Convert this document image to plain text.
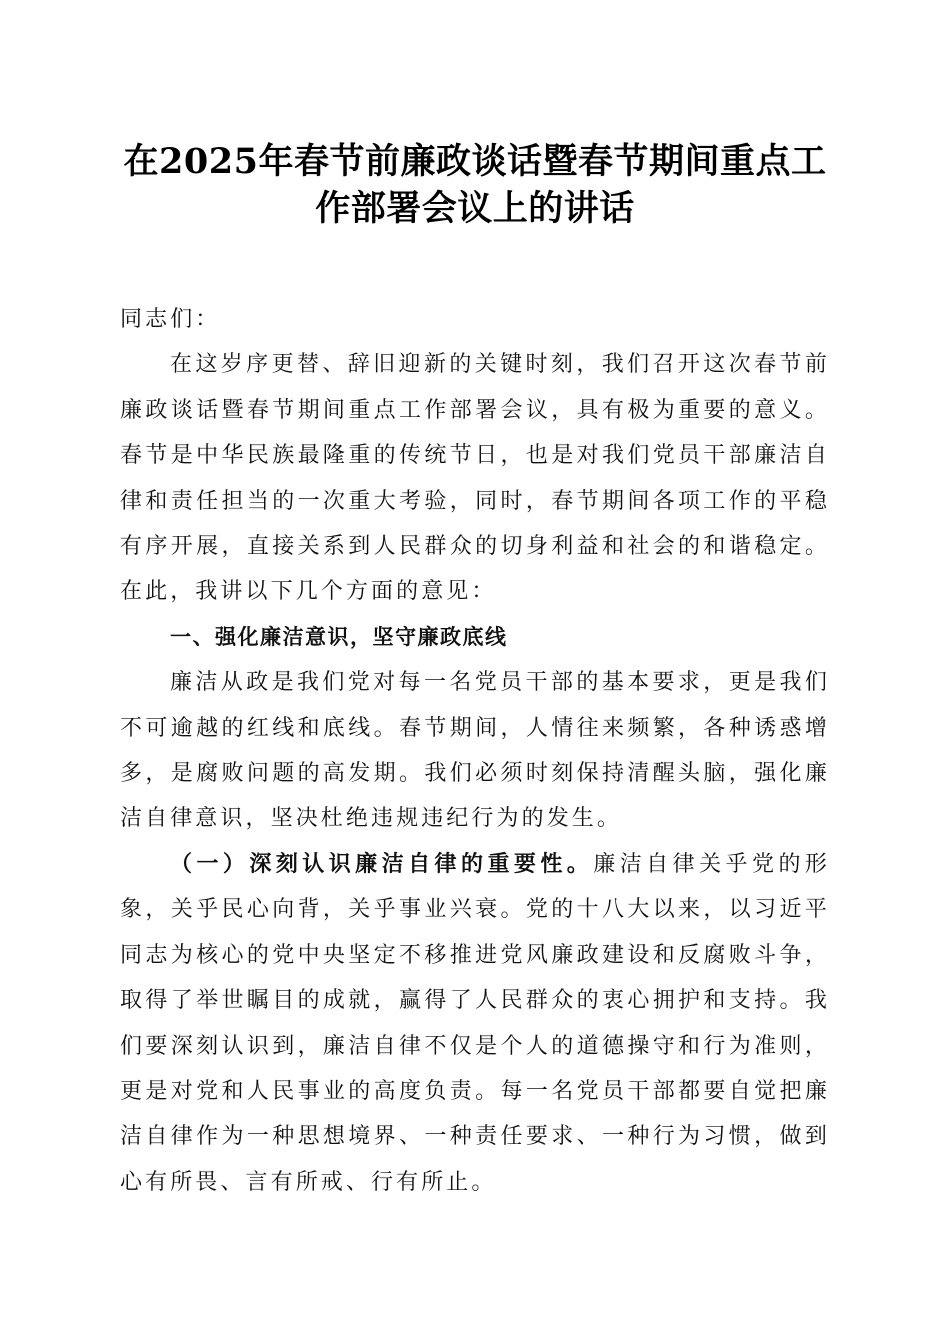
在2025年春节前廉政谈话暨春节期间重点工
作部署会议上的讲话

同志们：

在这岁序更替、辞旧迎新的关键时刻，我们召开这次春节前廉政谈话暨春节期间重点工作部署会议，具有极为重要的意义。春节是中华民族最隆重的传统节日，也是对我们党员干部廉洁自律和责任担当的一次重大考验，同时，春节期间各项工作的平稳有序开展，直接关系到人民群众的切身利益和社会的和谐稳定。在此，我讲以下几个方面的意见：

一、强化廉洁意识，坚守廉政底线

廉洁从政是我们党对每一名党员干部的基本要求，更是我们不可逾越的红线和底线。春节期间，人情往来频繁，各种诱惑增多，是腐败问题的高发期。我们必须时刻保持清醒头脑，强化廉洁自律意识，坚决杜绝违规违纪行为的发生。

（一）深刻认识廉洁自律的重要性。廉洁自律关乎党的形象，关乎民心向背，关乎事业兴衰。党的十八大以来，以习近平同志为核心的党中央坚定不移推进党风廉政建设和反腐败斗争，取得了举世瞩目的成就，赢得了人民群众的衷心拥护和支持。我们要深刻认识到，廉洁自律不仅是个人的道德操守和行为准则，更是对党和人民事业的高度负责。每一名党员干部都要自觉把廉洁自律作为一种思想境界、一种责任要求、一种行为习惯，做到心有所畏、言有所戒、行有所止。
